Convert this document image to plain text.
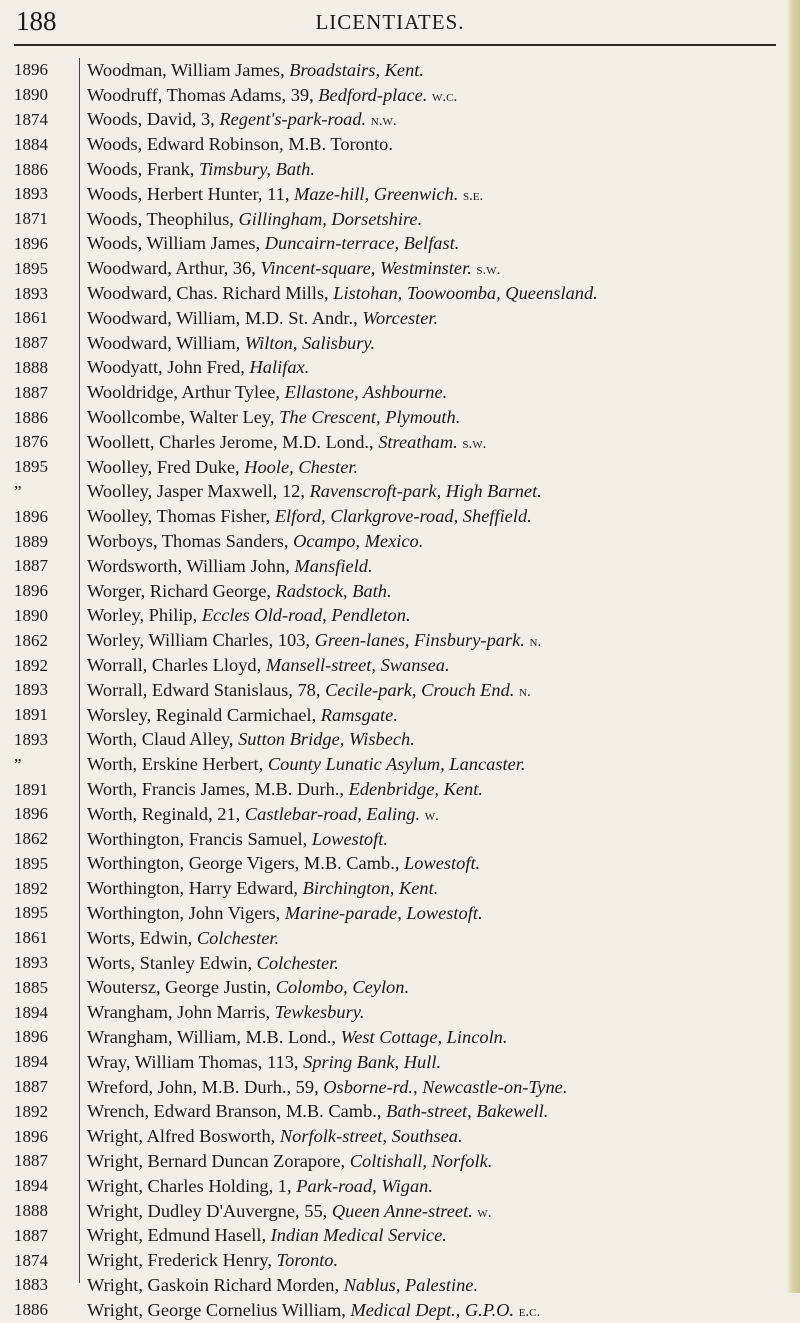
188	LICENTIATES.
1896	Woodman, William James, Broadstairs, Kent.
1890	Woodruff, Thomas Adams, 39, Bedford-place. w.c.
1874	Woods, David, 3, Regent's-park-road. n.w.
1884	Woods, Edward Robinson, M.B. Toronto.
1886	Woods, Frank, Timsbury, Bath.
1893	Woods, Herbert Hunter, 11, Maze-hill, Greenwich. s.e.
1871	Woods, Theophilus, Gillingham, Dorsetshire.
1896	Woods, William James, Duncairn-terrace, Belfast.
1895	Woodward, Arthur, 36, Vincent-square, Westminster. s.w.
1893	Woodward, Chas. Richard Mills, Listohan, Toowoomba, Queensland.
1861	Woodward, William, M.D. St. Andr., Worcester.
1887	Woodward, William, Wilton, Salisbury.
1888	Woodyatt, John Fred, Halifax.
1887	Wooldridge, Arthur Tylee, Ellastone, Ashbourne.
1886	Woollcombe, Walter Ley, The Crescent, Plymouth.
1876	Woollett, Charles Jerome, M.D. Lond., Streatham. s.w.
1895	Woolley, Fred Duke, Hoole, Chester.
”	Woolley, Jasper Maxwell, 12, Ravenscroft-park, High Barnet.
1896	Woolley, Thomas Fisher, Elford, Clarkgrove-road, Sheffield.
1889	Worboys, Thomas Sanders, Ocampo, Mexico.
1887	Wordsworth, William John, Mansfield.
1896	Worger, Richard George, Radstock, Bath.
1890	Worley, Philip, Eccles Old-road, Pendleton.
1862	Worley, William Charles, 103, Green-lanes, Finsbury-park. n.
1892	Worrall, Charles Lloyd, Mansell-street, Swansea.
1893	Worrall, Edward Stanislaus, 78, Cecile-park, Crouch End. n.
1891	Worsley, Reginald Carmichael, Ramsgate.
1893	Worth, Claud Alley, Sutton Bridge, Wisbech.
”	Worth, Erskine Herbert, County Lunatic Asylum, Lancaster.
1891	Worth, Francis James, M.B. Durh., Edenbridge, Kent.
1896	Worth, Reginald, 21, Castlebar-road, Ealing. w.
1862	Worthington, Francis Samuel, Lowestoft.
1895	Worthington, George Vigers, M.B. Camb., Lowestoft.
1892	Worthington, Harry Edward, Birchington, Kent.
1895	Worthington, John Vigers, Marine-parade, Lowestoft.
1861	Worts, Edwin, Colchester.
1893	Worts, Stanley Edwin, Colchester.
1885	Woutersz, George Justin, Colombo, Ceylon.
1894	Wrangham, John Marris, Tewkesbury.
1896	Wrangham, William, M.B. Lond., West Cottage, Lincoln.
1894	Wray, William Thomas, 113, Spring Bank, Hull.
1887	Wreford, John, M.B. Durh., 59, Osborne-rd., Newcastle-on-Tyne.
1892	Wrench, Edward Branson, M.B. Camb., Bath-street, Bakewell.
1896	Wright, Alfred Bosworth, Norfolk-street, Southsea.
1887	Wright, Bernard Duncan Zorapore, Coltishall, Norfolk.
1894	Wright, Charles Holding, 1, Park-road, Wigan.
1888	Wright, Dudley D'Auvergne, 55, Queen Anne-street. w.
1887	Wright, Edmund Hasell, Indian Medical Service.
1874	Wright, Frederick Henry, Toronto.
1883	Wright, Gaskoin Richard Morden, Nablus, Palestine.
1886	Wright, George Cornelius William, Medical Dept., G.P.O. e.c.
